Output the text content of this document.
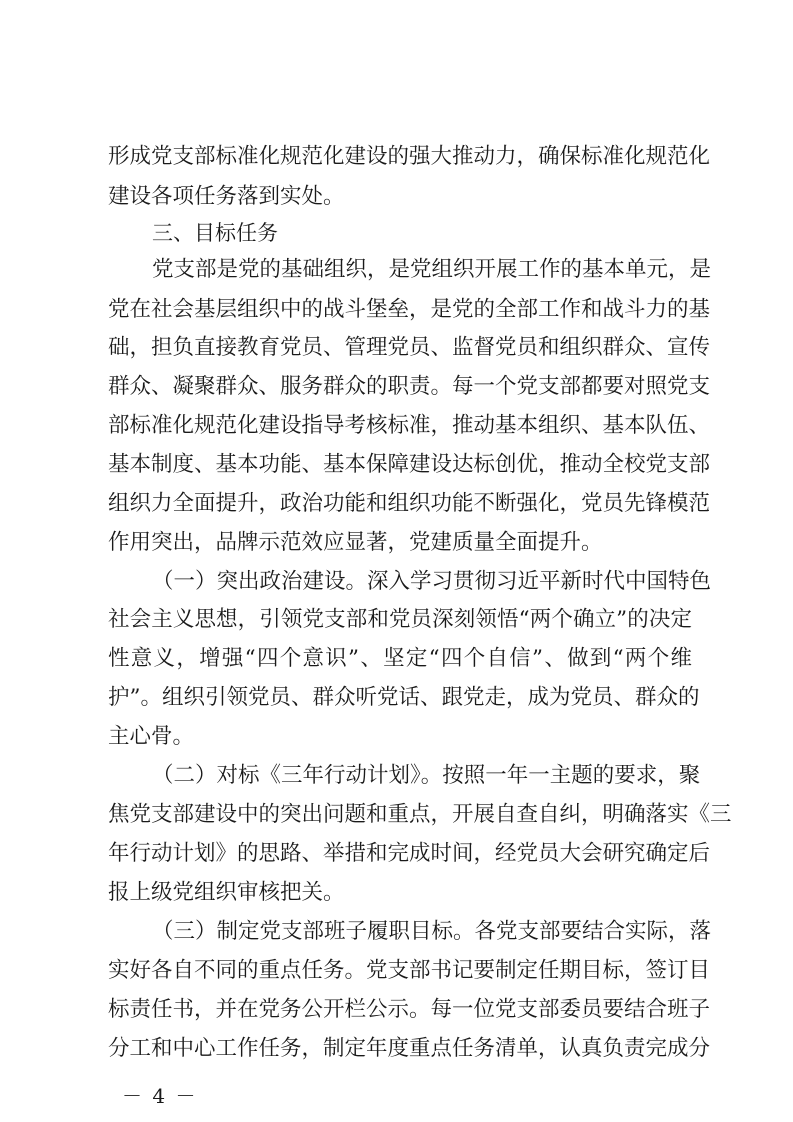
形成党支部标准化规范化建设的强大推动力，确保标准化规范化
建设各项任务落到实处。
三、目标任务
党支部是党的基础组织，是党组织开展工作的基本单元，是
党在社会基层组织中的战斗堡垒，是党的全部工作和战斗力的基
础，担负直接教育党员、管理党员、监督党员和组织群众、宣传
群众、凝聚群众、服务群众的职责。每一个党支部都要对照党支
部标准化规范化建设指导考核标准，推动基本组织、基本队伍、
基本制度、基本功能、基本保障建设达标创优，推动全校党支部
组织力全面提升，政治功能和组织功能不断强化，党员先锋模范
作用突出，品牌示范效应显著，党建质量全面提升。
（一）突出政治建设。深入学习贯彻习近平新时代中国特色
社会主义思想，引领党支部和党员深刻领悟“两个确立”的决定
性意义，增强“四个意识”、坚定“四个自信”、做到“两个维
护”。组织引领党员、群众听党话、跟党走，成为党员、群众的
主心骨。
（二）对标《三年行动计划》。按照一年一主题的要求，聚
焦党支部建设中的突出问题和重点，开展自查自纠，明确落实《三
年行动计划》的思路、举措和完成时间，经党员大会研究确定后
报上级党组织审核把关。
（三）制定党支部班子履职目标。各党支部要结合实际，落
实好各自不同的重点任务。党支部书记要制定任期目标，签订目
标责任书，并在党务公开栏公示。每一位党支部委员要结合班子
分工和中心工作任务，制定年度重点任务清单，认真负责完成分
－ 4 －
